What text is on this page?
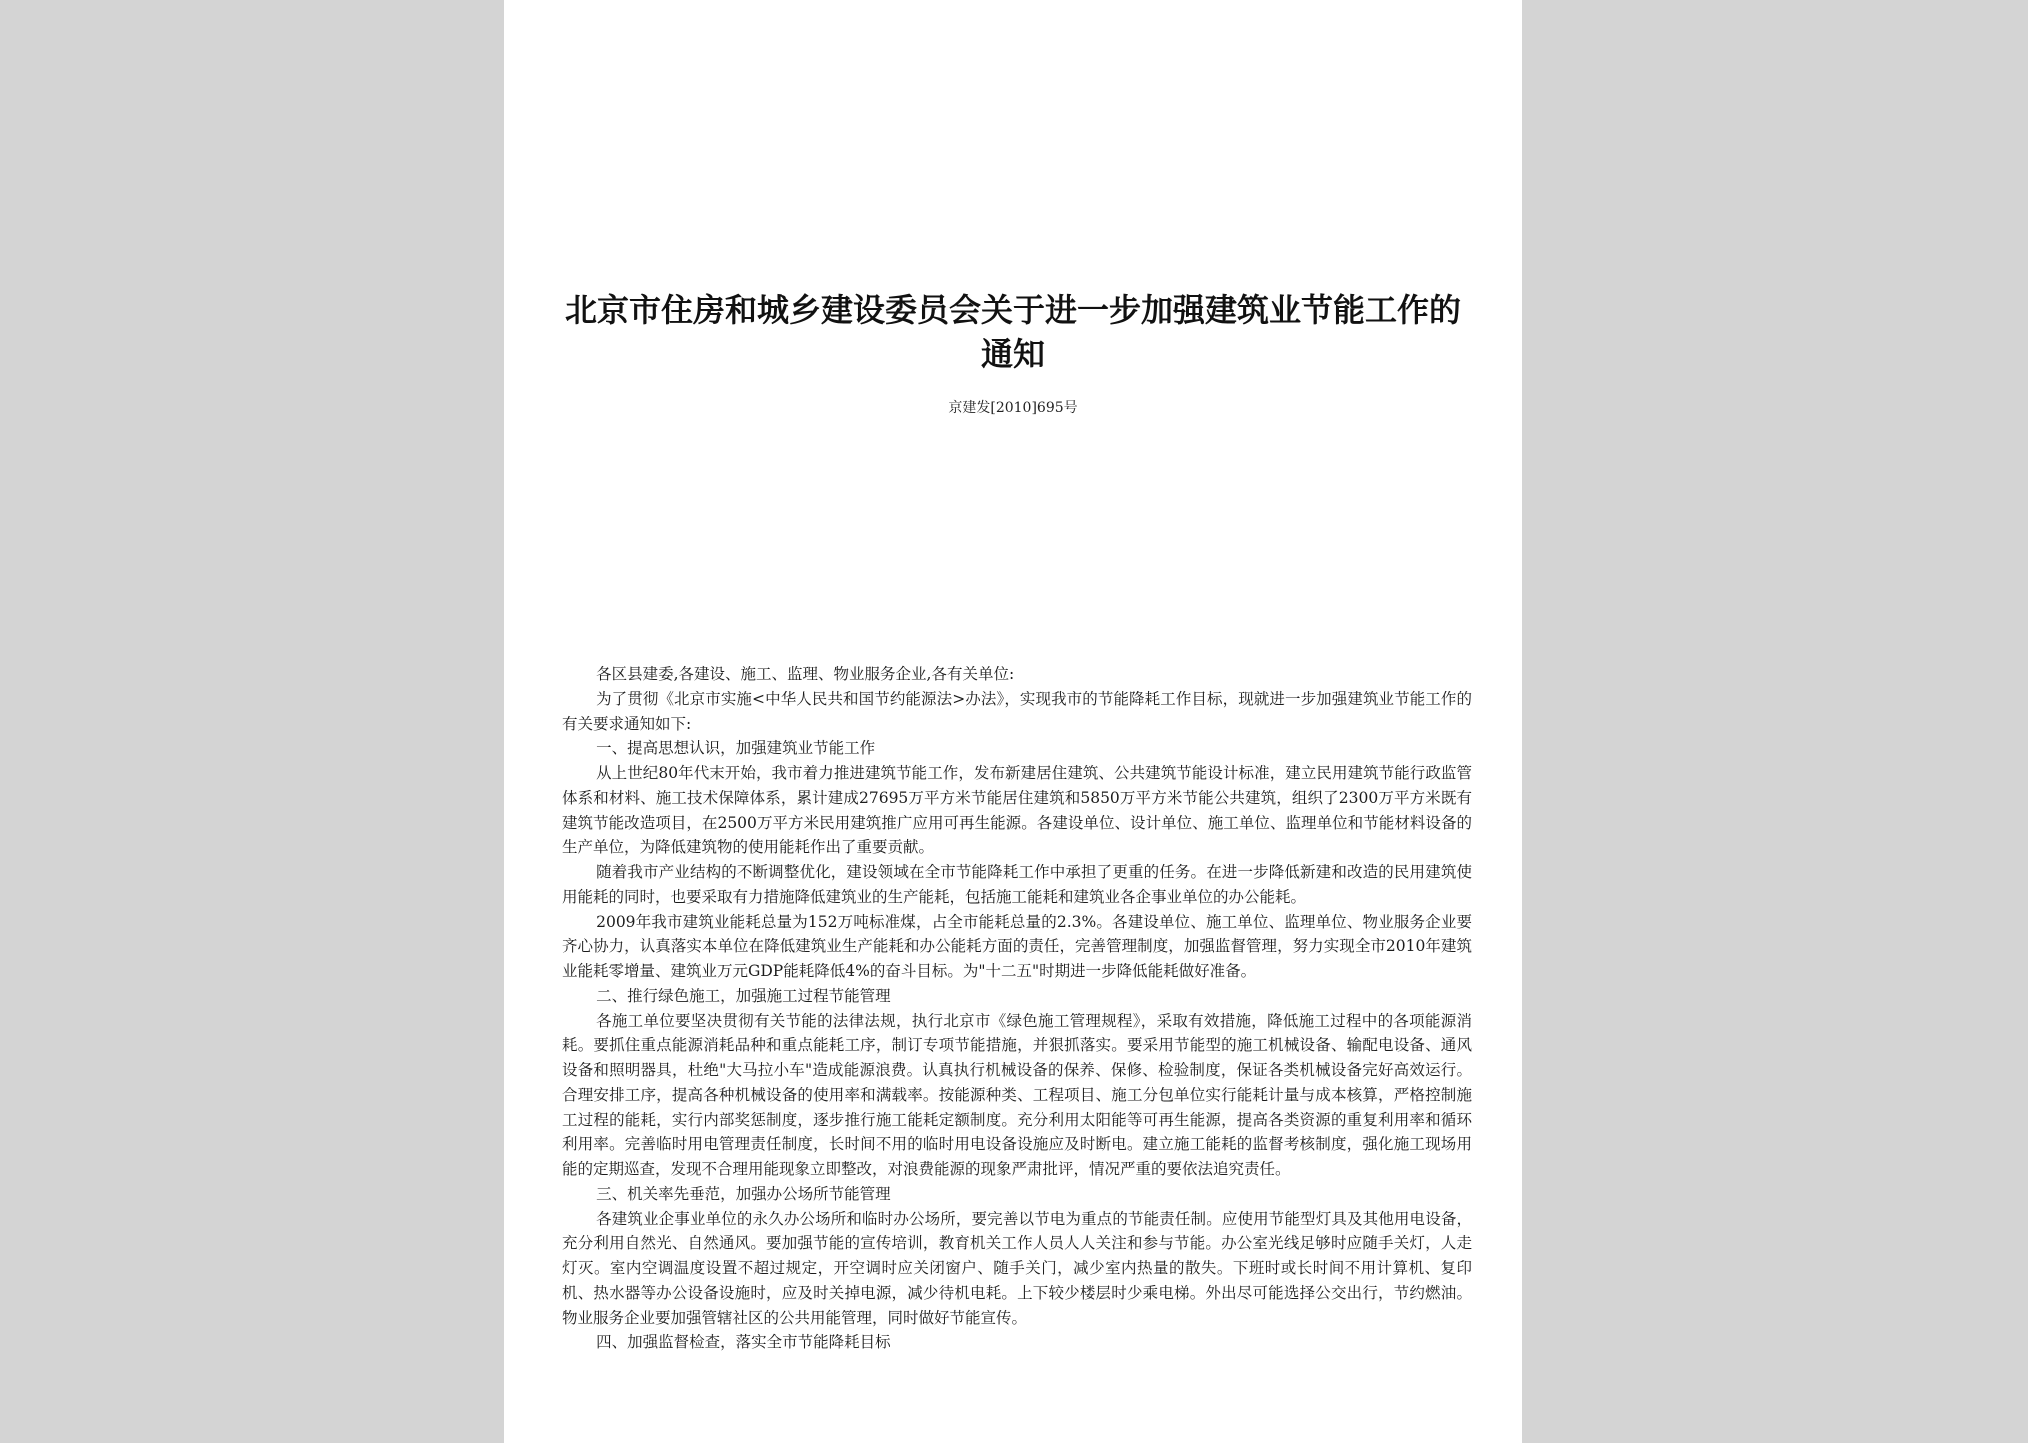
北京市住房和城乡建设委员会关于进一步加强建筑业节能工作的通知
京建发[2010]695号

各区县建委,各建设、施工、监理、物业服务企业,各有关单位:

为了贯彻《北京市实施<中华人民共和国节约能源法>办法》，实现我市的节能降耗工作目标，现就进一步加强建筑业节能工作的有关要求通知如下:

一、提高思想认识，加强建筑业节能工作

从上世纪80年代末开始，我市着力推进建筑节能工作，发布新建居住建筑、公共建筑节能设计标准，建立民用建筑节能行政监管体系和材料、施工技术保障体系，累计建成27695万平方米节能居住建筑和5850万平方米节能公共建筑，组织了2300万平方米既有建筑节能改造项目，在2500万平方米民用建筑推广应用可再生能源。各建设单位、设计单位、施工单位、监理单位和节能材料设备的生产单位，为降低建筑物的使用能耗作出了重要贡献。

随着我市产业结构的不断调整优化，建设领域在全市节能降耗工作中承担了更重的任务。在进一步降低新建和改造的民用建筑使用能耗的同时，也要采取有力措施降低建筑业的生产能耗，包括施工能耗和建筑业各企事业单位的办公能耗。

2009年我市建筑业能耗总量为152万吨标准煤，占全市能耗总量的2.3%。各建设单位、施工单位、监理单位、物业服务企业要齐心协力，认真落实本单位在降低建筑业生产能耗和办公能耗方面的责任，完善管理制度，加强监督管理，努力实现全市2010年建筑业能耗零增量、建筑业万元GDP能耗降低4%的奋斗目标。为"十二五"时期进一步降低能耗做好准备。

二、推行绿色施工，加强施工过程节能管理

各施工单位要坚决贯彻有关节能的法律法规，执行北京市《绿色施工管理规程》，采取有效措施，降低施工过程中的各项能源消耗。要抓住重点能源消耗品种和重点能耗工序，制订专项节能措施，并狠抓落实。要采用节能型的施工机械设备、输配电设备、通风设备和照明器具，杜绝"大马拉小车"造成能源浪费。认真执行机械设备的保养、保修、检验制度，保证各类机械设备完好高效运行。合理安排工序，提高各种机械设备的使用率和满载率。按能源种类、工程项目、施工分包单位实行能耗计量与成本核算，严格控制施工过程的能耗，实行内部奖惩制度，逐步推行施工能耗定额制度。充分利用太阳能等可再生能源，提高各类资源的重复利用率和循环利用率。完善临时用电管理责任制度，长时间不用的临时用电设备设施应及时断电。建立施工能耗的监督考核制度，强化施工现场用能的定期巡查，发现不合理用能现象立即整改，对浪费能源的现象严肃批评，情况严重的要依法追究责任。

三、机关率先垂范，加强办公场所节能管理

各建筑业企事业单位的永久办公场所和临时办公场所，要完善以节电为重点的节能责任制。应使用节能型灯具及其他用电设备，充分利用自然光、自然通风。要加强节能的宣传培训，教育机关工作人员人人关注和参与节能。办公室光线足够时应随手关灯，人走灯灭。室内空调温度设置不超过规定，开空调时应关闭窗户、随手关门，减少室内热量的散失。下班时或长时间不用计算机、复印机、热水器等办公设备设施时，应及时关掉电源，减少待机电耗。上下较少楼层时少乘电梯。外出尽可能选择公交出行，节约燃油。物业服务企业要加强管辖社区的公共用能管理，同时做好节能宣传。

四、加强监督检查，落实全市节能降耗目标
